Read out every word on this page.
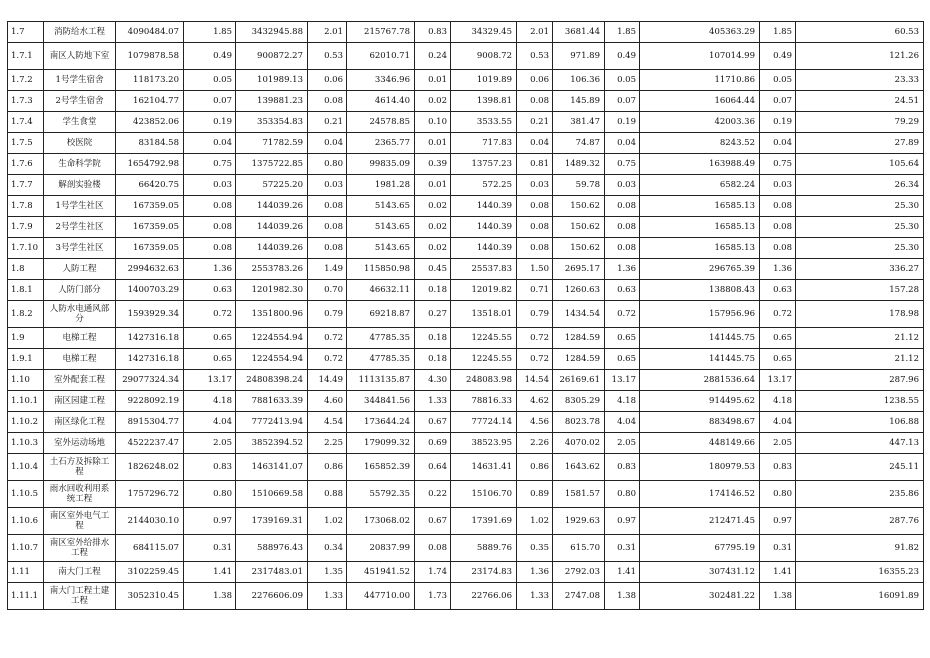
1.7	消防给水工程	4090484.07	1.85	3432945.88	2.01	215767.78	0.83	34329.45	2.01	3681.44	1.85	405363.29	1.85	60.53
1.7.1	南区人防地下室	1079878.58	0.49	900872.27	0.53	62010.71	0.24	9008.72	0.53	971.89	0.49	107014.99	0.49	121.26
1.7.2	1号学生宿舍	118173.20	0.05	101989.13	0.06	3346.96	0.01	1019.89	0.06	106.36	0.05	11710.86	0.05	23.33
1.7.3	2号学生宿舍	162104.77	0.07	139881.23	0.08	4614.40	0.02	1398.81	0.08	145.89	0.07	16064.44	0.07	24.51
1.7.4	学生食堂	423852.06	0.19	353354.83	0.21	24578.85	0.10	3533.55	0.21	381.47	0.19	42003.36	0.19	79.29
1.7.5	校医院	83184.58	0.04	71782.59	0.04	2365.77	0.01	717.83	0.04	74.87	0.04	8243.52	0.04	27.89
1.7.6	生命科学院	1654792.98	0.75	1375722.85	0.80	99835.09	0.39	13757.23	0.81	1489.32	0.75	163988.49	0.75	105.64
1.7.7	解剖实验楼	66420.75	0.03	57225.20	0.03	1981.28	0.01	572.25	0.03	59.78	0.03	6582.24	0.03	26.34
1.7.8	1号学生社区	167359.05	0.08	144039.26	0.08	5143.65	0.02	1440.39	0.08	150.62	0.08	16585.13	0.08	25.30
1.7.9	2号学生社区	167359.05	0.08	144039.26	0.08	5143.65	0.02	1440.39	0.08	150.62	0.08	16585.13	0.08	25.30
1.7.10	3号学生社区	167359.05	0.08	144039.26	0.08	5143.65	0.02	1440.39	0.08	150.62	0.08	16585.13	0.08	25.30
1.8	人防工程	2994632.63	1.36	2553783.26	1.49	115850.98	0.45	25537.83	1.50	2695.17	1.36	296765.39	1.36	336.27
1.8.1	人防门部分	1400703.29	0.63	1201982.30	0.70	46632.11	0.18	12019.82	0.71	1260.63	0.63	138808.43	0.63	157.28
1.8.2	人防水电通风部分	1593929.34	0.72	1351800.96	0.79	69218.87	0.27	13518.01	0.79	1434.54	0.72	157956.96	0.72	178.98
1.9	电梯工程	1427316.18	0.65	1224554.94	0.72	47785.35	0.18	12245.55	0.72	1284.59	0.65	141445.75	0.65	21.12
1.9.1	电梯工程	1427316.18	0.65	1224554.94	0.72	47785.35	0.18	12245.55	0.72	1284.59	0.65	141445.75	0.65	21.12
1.10	室外配套工程	29077324.34	13.17	24808398.24	14.49	1113135.87	4.30	248083.98	14.54	26169.61	13.17	2881536.64	13.17	287.96
1.10.1	南区园建工程	9228092.19	4.18	7881633.39	4.60	344841.56	1.33	78816.33	4.62	8305.29	4.18	914495.62	4.18	1238.55
1.10.2	南区绿化工程	8915304.77	4.04	7772413.94	4.54	173644.24	0.67	77724.14	4.56	8023.78	4.04	883498.67	4.04	106.88
1.10.3	室外运动场地	4522237.47	2.05	3852394.52	2.25	179099.32	0.69	38523.95	2.26	4070.02	2.05	448149.66	2.05	447.13
1.10.4	土石方及拆除工程	1826248.02	0.83	1463141.07	0.86	165852.39	0.64	14631.41	0.86	1643.62	0.83	180979.53	0.83	245.11
1.10.5	雨水回收利用系统工程	1757296.72	0.80	1510669.58	0.88	55792.35	0.22	15106.70	0.89	1581.57	0.80	174146.52	0.80	235.86
1.10.6	南区室外电气工程	2144030.10	0.97	1739169.31	1.02	173068.02	0.67	17391.69	1.02	1929.63	0.97	212471.45	0.97	287.76
1.10.7	南区室外给排水工程	684115.07	0.31	588976.43	0.34	20837.99	0.08	5889.76	0.35	615.70	0.31	67795.19	0.31	91.82
1.11	南大门工程	3102259.45	1.41	2317483.01	1.35	451941.52	1.74	23174.83	1.36	2792.03	1.41	307431.12	1.41	16355.23
1.11.1	南大门工程土建工程	3052310.45	1.38	2276606.09	1.33	447710.00	1.73	22766.06	1.33	2747.08	1.38	302481.22	1.38	16091.89
